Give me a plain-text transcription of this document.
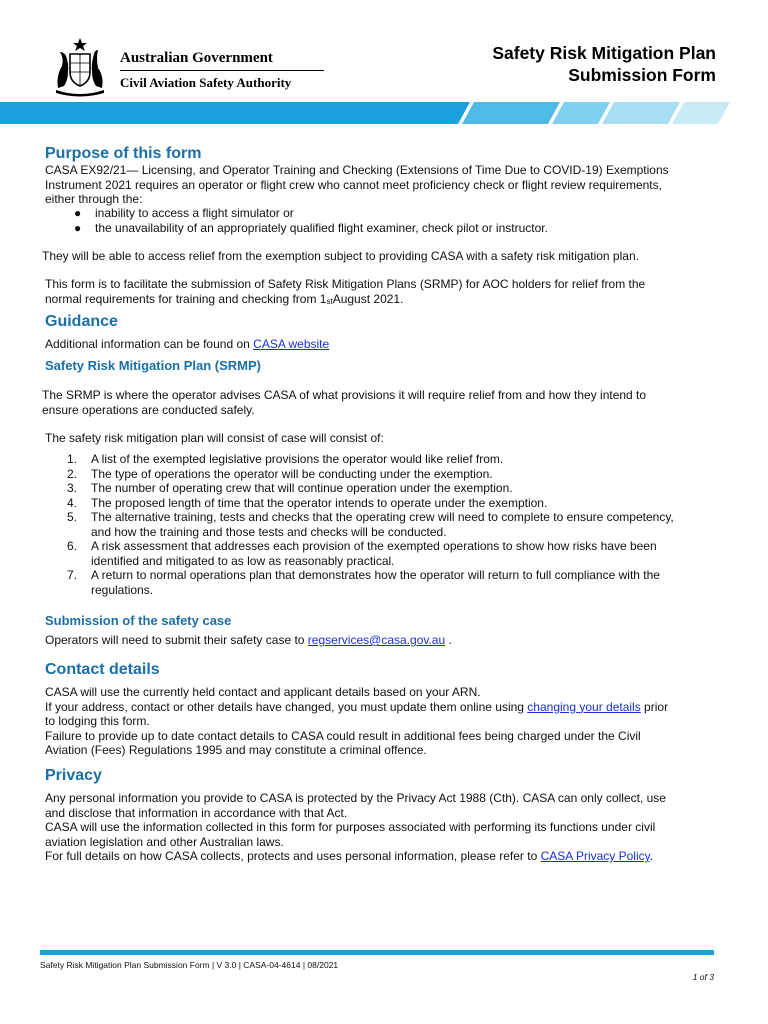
Australian Government
Civil Aviation Safety Authority
Safety Risk Mitigation Plan
Submission Form
Purpose of this form
CASA EX92/21— Licensing, and Operator Training and Checking (Extensions of Time Due to COVID-19) Exemptions
Instrument 2021 requires an operator or flight crew who cannot meet proficiency check or flight review requirements,
either through the:
● inability to access a flight simulator or
● the unavailability of an appropriately qualified flight examiner, check pilot or instructor.
They will be able to access relief from the exemption subject to providing CASA with a safety risk mitigation plan.
This form is to facilitate the submission of Safety Risk Mitigation Plans (SRMP) for AOC holders for relief from the
normal requirements for training and checking from 1stAugust 2021.
Guidance
Additional information can be found on CASA website
Safety Risk Mitigation Plan (SRMP)
The SRMP is where the operator advises CASA of what provisions it will require relief from and how they intend to
ensure operations are conducted safely.
The safety risk mitigation plan will consist of case will consist of:
1. A list of the exempted legislative provisions the operator would like relief from.
2. The type of operations the operator will be conducting under the exemption.
3. The number of operating crew that will continue operation under the exemption.
4. The proposed length of time that the operator intends to operate under the exemption.
5. The alternative training, tests and checks that the operating crew will need to complete to ensure competency,
and how the training and those tests and checks will be conducted.
6. A risk assessment that addresses each provision of the exempted operations to show how risks have been
identified and mitigated to as low as reasonably practical.
7. A return to normal operations plan that demonstrates how the operator will return to full compliance with the
regulations.
Submission of the safety case
Operators will need to submit their safety case to regservices@casa.gov.au .
Contact details
CASA will use the currently held contact and applicant details based on your ARN.
If your address, contact or other details have changed, you must update them online using changing your details prior
to lodging this form.
Failure to provide up to date contact details to CASA could result in additional fees being charged under the Civil
Aviation (Fees) Regulations 1995 and may constitute a criminal offence.
Privacy
Any personal information you provide to CASA is protected by the Privacy Act 1988 (Cth). CASA can only collect, use
and disclose that information in accordance with that Act.
CASA will use the information collected in this form for purposes associated with performing its functions under civil
aviation legislation and other Australian laws.
For full details on how CASA collects, protects and uses personal information, please refer to CASA Privacy Policy.
Safety Risk Mitigation Plan Submission Form | V 3.0 | CASA-04-4614 | 08/2021
1 of 3
